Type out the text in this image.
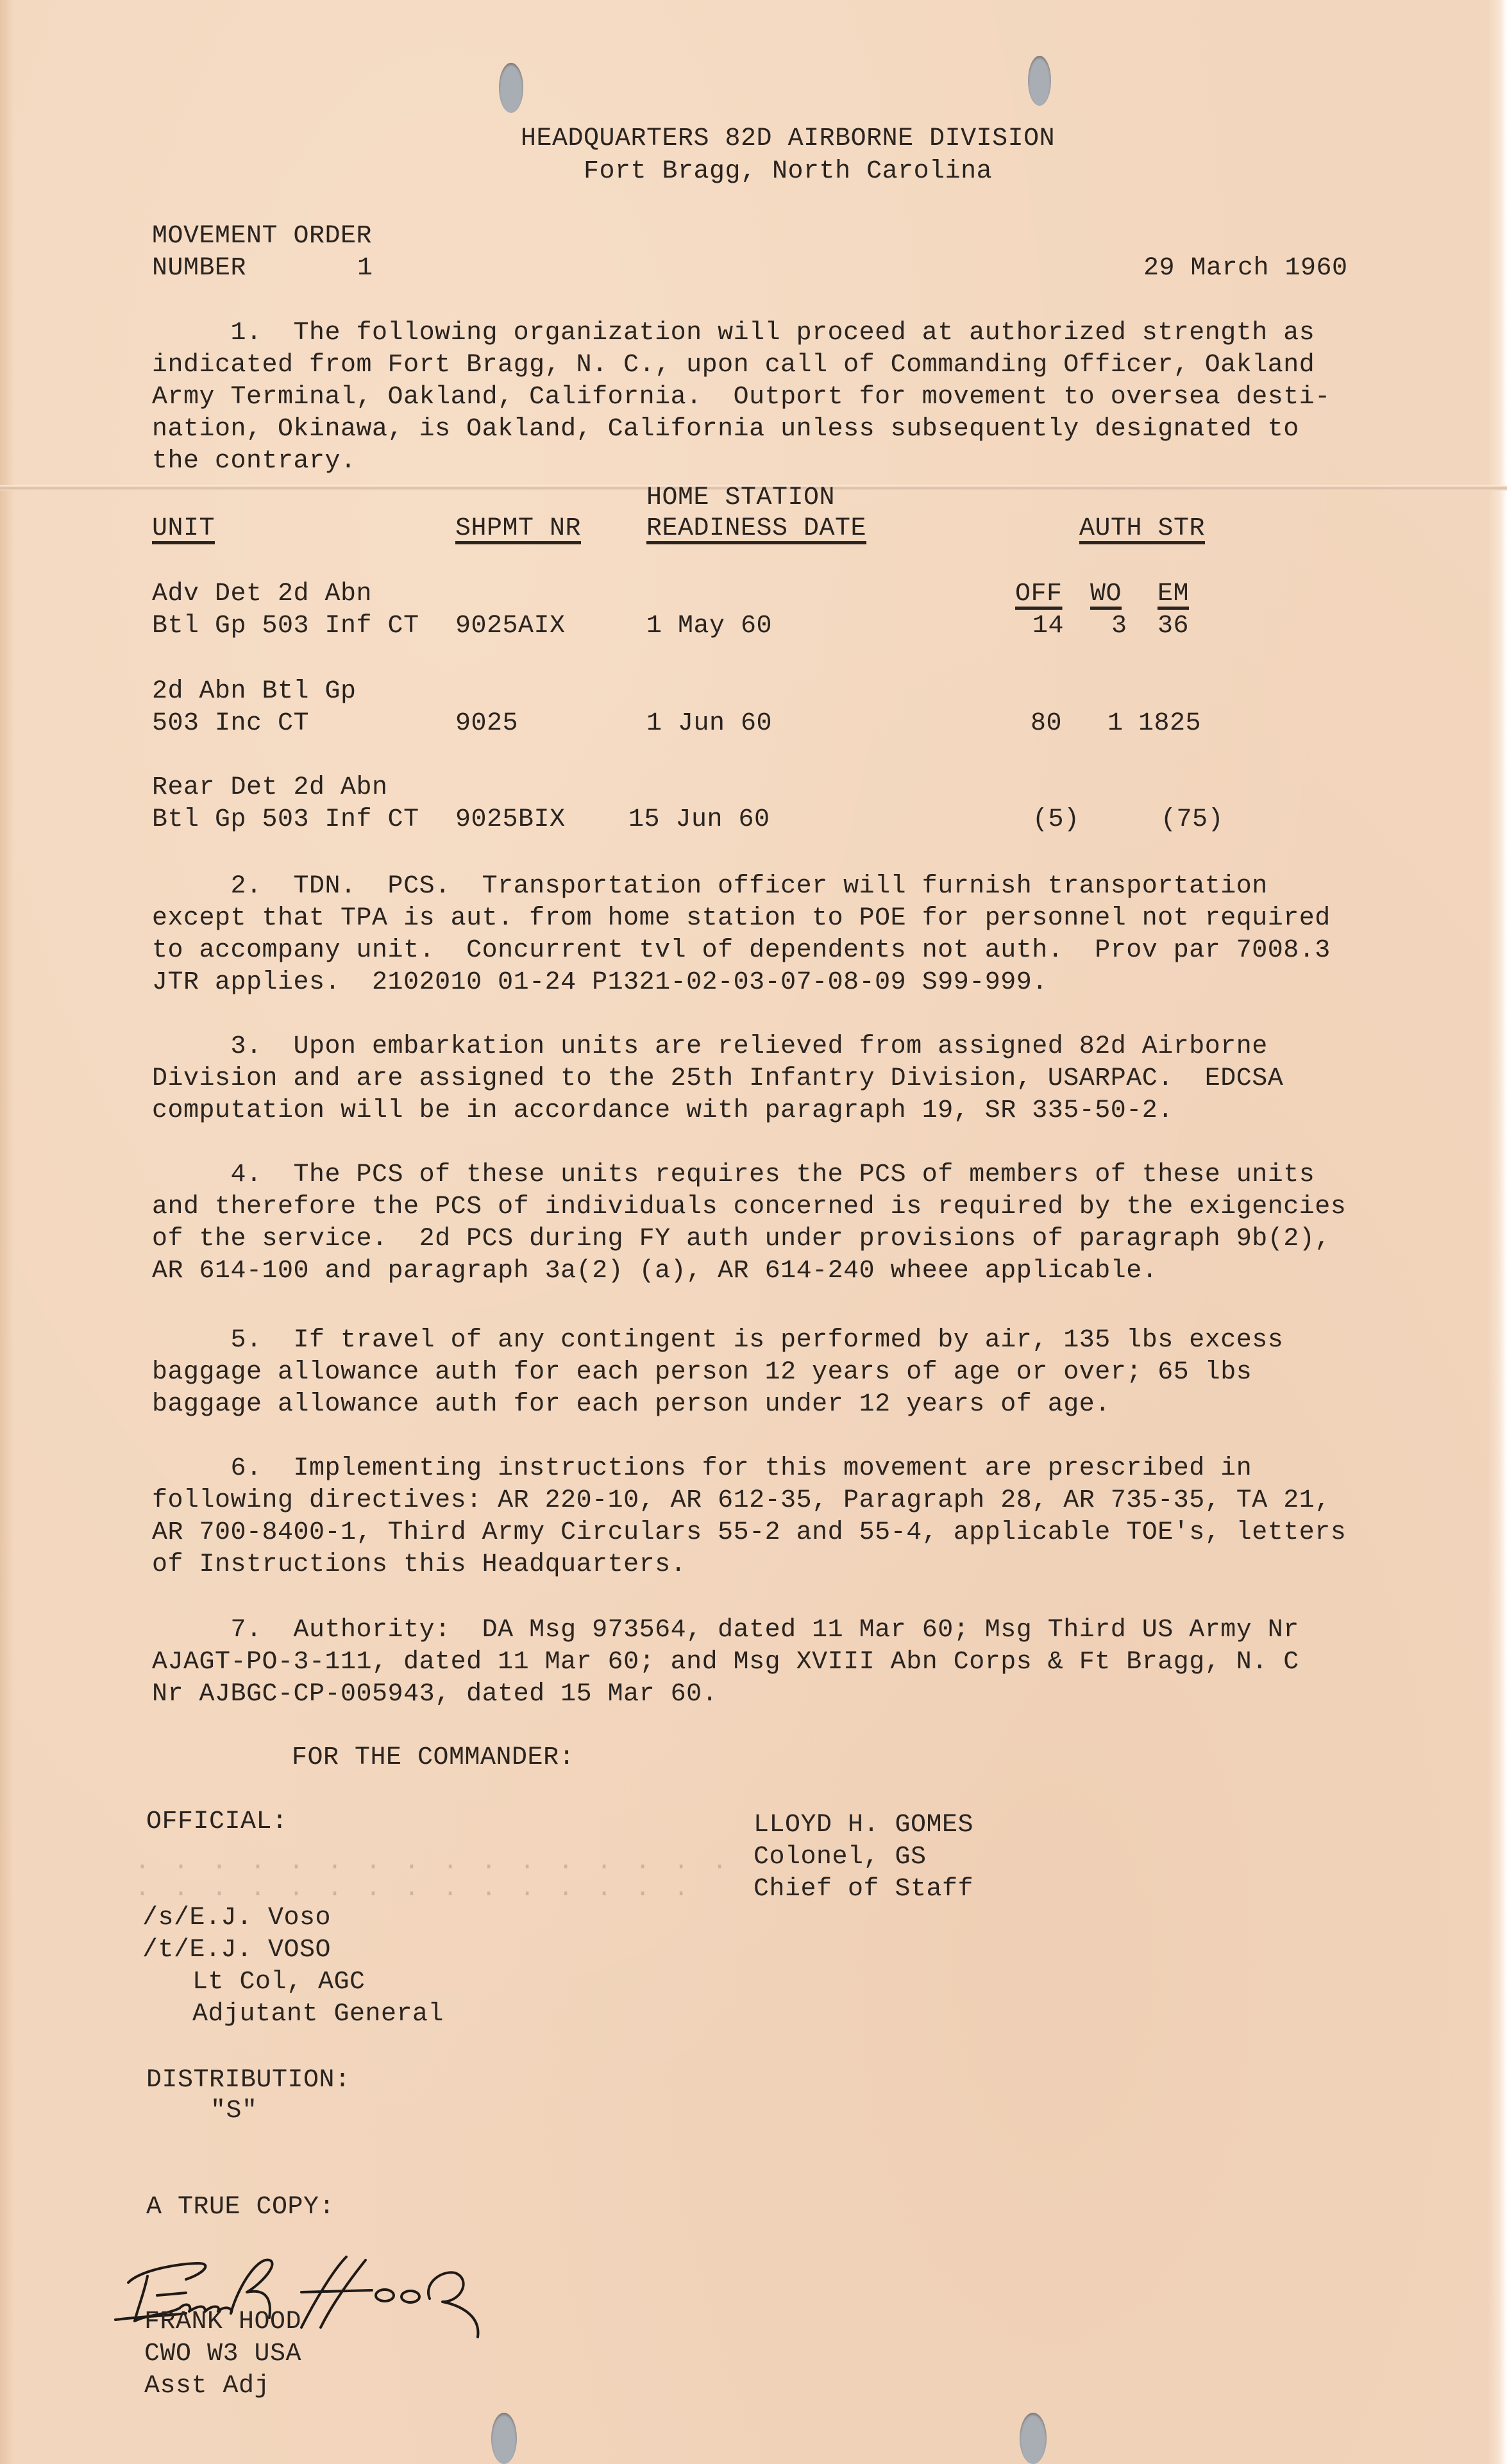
HEADQUARTERS 82D AIRBORNE DIVISION
Fort Bragg, North Carolina
MOVEMENT ORDER
NUMBER	1	29 March 1960
1.  The following organization will proceed at authorized strength as
indicated from Fort Bragg, N. C., upon call of Commanding Officer, Oakland
Army Terminal, Oakland, California.  Outport for movement to oversea desti-
nation, Okinawa, is Oakland, California unless subsequently designated to
the contrary.
UNIT	SHPMT NR
HOME STATION
READINESS DATE	AUTH STR
OFF WO EM
Adv Det 2d Abn
Btl Gp 503 Inf CT 9025AIX	1 May 60	14 3 36
2d Abn Btl Gp
503 Inc CT	9025	1 Jun 60	80 1 1825
Rear Det 2d Abn
Btl Gp 503 Inf CT 9025BIX 15 Jun 60	(5)	(75)
2.  TDN.  PCS.  Transportation officer will furnish transportation
except that TPA is aut. from home station to POE for personnel not required
to accompany unit.  Concurrent tvl of dependents not auth.  Prov par 7008.3
JTR applies.  2102010 01-24 P1321-02-03-07-08-09 S99-999.
3.  Upon embarkation units are relieved from assigned 82d Airborne
Division and are assigned to the 25th Infantry Division, USARPAC.  EDCSA
computation will be in accordance with paragraph 19, SR 335-50-2.
4.  The PCS of these units requires the PCS of members of these units
and therefore the PCS of individuals concerned is required by the exigencies
of the service.  2d PCS during FY auth under provisions of paragraph 9b(2),
AR 614-100 and paragraph 3a(2) (a), AR 614-240 wheee applicable.
5.  If travel of any contingent is performed by air, 135 lbs excess
baggage allowance auth for each person 12 years of age or over; 65 lbs
baggage allowance auth for each person under 12 years of age.
6.  Implementing instructions for this movement are prescribed in
following directives: AR 220-10, AR 612-35, Paragraph 28, AR 735-35, TA 21,
AR 700-8400-1, Third Army Circulars 55-2 and 55-4, applicable TOE's, letters
of Instructions this Headquarters.
7.  Authority:  DA Msg 973564, dated 11 Mar 60; Msg Third US Army Nr
AJAGT-PO-3-111, dated 11 Mar 60; and Msg XVIII Abn Corps & Ft Bragg, N. C
Nr AJBGC-CP-005943, dated 15 Mar 60.
FOR THE COMMANDER:
OFFICIAL:	LLOYD H. GOMES
Colonel, GS
Chief of Staff
· · · · · · · · · · · · · · · ·
· · · · · · · · · · · · · · ·
/s/E.J. Voso
/t/E.J. VOSO
Lt Col, AGC
Adjutant General
DISTRIBUTION:
"S"
A TRUE COPY:
FRANK HOOD
CWO W3 USA
Asst Adj
